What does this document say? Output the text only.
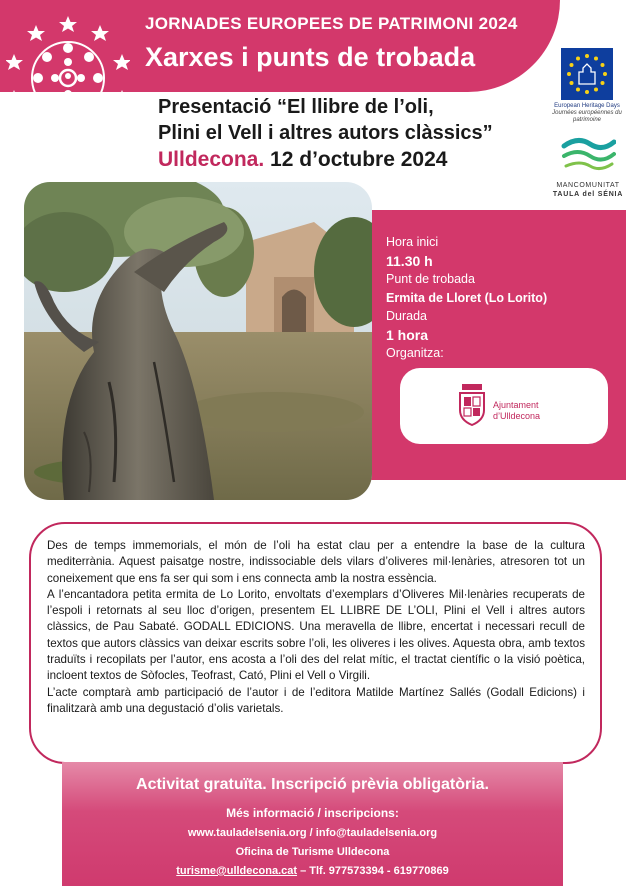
JORNADES EUROPEES DE PATRIMONI 2024
Xarxes i punts de trobada
European Heritage Days
Journées européennes du patrimoine
MANCOMUNITAT
TAULA del SÉNIA
Presentació “El llibre de l’oli,
Plini el Vell i altres autors clàssics”
Ulldecona. 12 d’octubre 2024
Hora inici
11.30 h
Punt de trobada
Ermita de Lloret (Lo Lorito)
Durada
1 hora
Organitza:
Ajuntament
d’Ulldecona

Des de temps immemorials, el món de l’oli ha estat clau per a entendre la base de la cultura mediterrània. Aquest paisatge nostre, indissociable dels vilars d’oliveres mil·lenàries, atresoren tot un coneixement que ens fa ser qui som i ens connecta amb la nostra essència.

A l’encantadora petita ermita de Lo Lorito, envoltats d’exemplars d’Oliveres Mil·lenàries recuperats de l’espoli i retornats al seu lloc d’origen, presentem EL LLIBRE DE L’OLI, Plini el Vell i altres autors clàssics, de Pau Sabaté. GODALL EDICIONS. Una meravella de llibre, encertat i necessari recull de textos que autors clàssics van deixar escrits sobre l’oli, les oliveres i les olives. Aquesta obra, amb textos traduïts i recopilats per l’autor, ens acosta a l’oli des del relat mític, el tractat científic o la visió poètica, incloent textos de Sòfocles, Teofrast, Cató, Plini el Vell o Virgili.

L’acte comptarà amb participació de l’autor i de l’editora Matilde Martínez Sallés (Godall Edicions) i finalitzarà amb una degustació d’olis varietals.

Activitat gratuïta. Inscripció prèvia obligatòria.
Més informació / inscripcions:
www.tauladelsenia.org / info@tauladelsenia.org
Oficina de Turisme Ulldecona
turisme@ulldecona.cat – Tlf. 977573394 - 619770869
